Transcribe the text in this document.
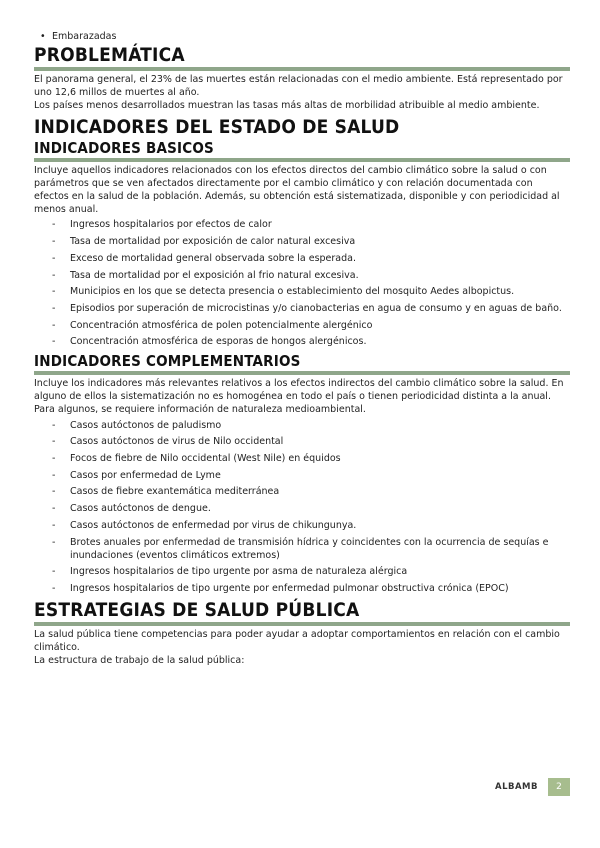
• Embarazadas
PROBLEMÁTICA

El panorama general, el 23% de las muertes están relacionadas con el medio ambiente. Está representado por uno 12,6 millos de muertes al año.

Los países menos desarrollados muestran las tasas más altas de morbilidad atribuible al medio ambiente.

INDICADORES DEL ESTADO DE SALUD
INDICADORES BASICOS

Incluye aquellos indicadores relacionados con los efectos directos del cambio climático sobre la salud o con parámetros que se ven afectados directamente por el cambio climático y con relación documentada con efectos en la salud de la población. Además, su obtención está sistematizada, disponible y con periodicidad al menos anual.

- Ingresos hospitalarios por efectos de calor
- Tasa de mortalidad por exposición de calor natural excesiva
- Exceso de mortalidad general observada sobre la esperada.
- Tasa de mortalidad por el exposición al frio natural excesiva.
- Municipios en los que se detecta presencia o establecimiento del mosquito Aedes albopictus.
- Episodios por superación de microcistinas y/o cianobacterias en agua de consumo y en aguas de baño.
- Concentración atmosférica de polen potencialmente alergénico
- Concentración atmosférica de esporas de hongos alergénicos.
INDICADORES COMPLEMENTARIOS

Incluye los indicadores más relevantes relativos a los efectos indirectos del cambio climático sobre la salud. En alguno de ellos la sistematización no es homogénea en todo el país o tienen periodicidad distinta a la anual. Para algunos, se requiere información de naturaleza medioambiental.

- Casos autóctonos de paludismo
- Casos autóctonos de virus de Nilo occidental
- Focos de fiebre de Nilo occidental (West Nile) en équidos
- Casos por enfermedad de Lyme
- Casos de fiebre exantemática mediterránea
- Casos autóctonos de dengue.
- Casos autóctonos de enfermedad por virus de chikungunya.
- Brotes anuales por enfermedad de transmisión hídrica y coincidentes con la ocurrencia de sequías e inundaciones (eventos climáticos extremos)
- Ingresos hospitalarios de tipo urgente por asma de naturaleza alérgica
- Ingresos hospitalarios de tipo urgente por enfermedad pulmonar obstructiva crónica (EPOC)
ESTRATEGIAS DE SALUD PÚBLICA

La salud pública tiene competencias para poder ayudar a adoptar comportamientos en relación con el cambio climático.

La estructura de trabajo de la salud pública:

ALBAMB	2
